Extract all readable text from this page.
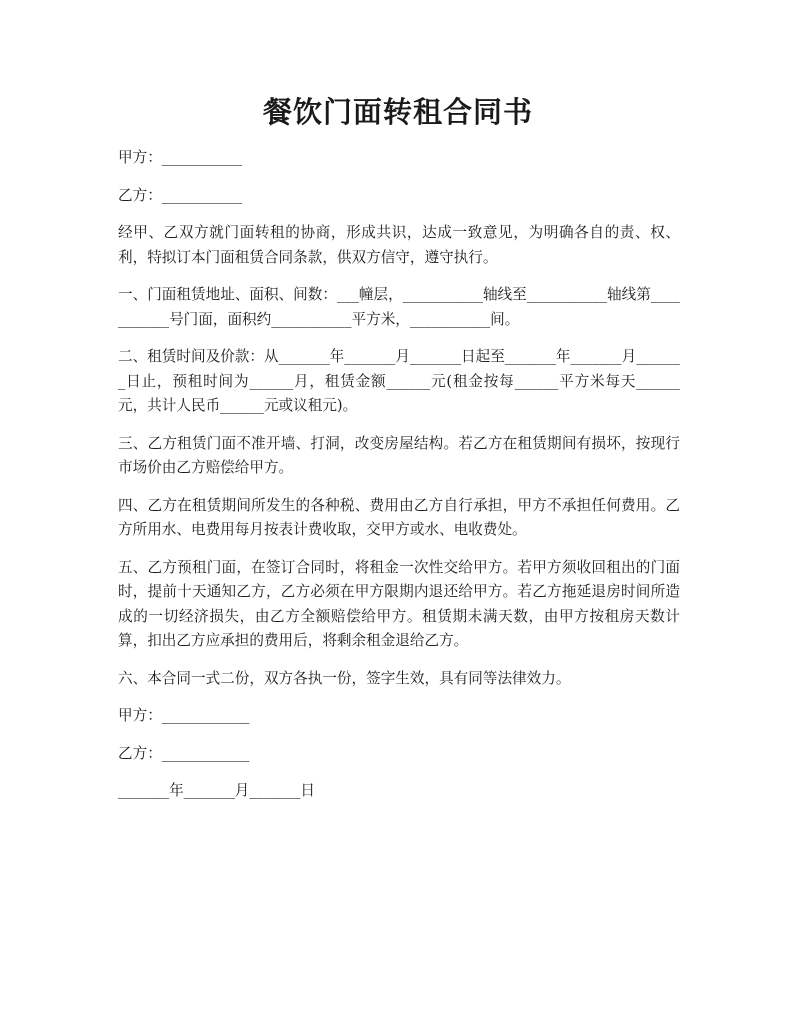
餐饮门面转租合同书

甲方：___________

乙方：___________

经甲、乙双方就门面转租的协商，形成共识，达成一致意见，为明确各自的责、权、利，特拟订本门面租赁合同条款，供双方信守，遵守执行。

一、门面租赁地址、面积、间数：___幢层，___________轴线至___________轴线第___________号门面，面积约___________平方米，___________间。

二、租赁时间及价款：从_______年_______月_______日起至_______年_______月_______日止，预租时间为______月，租赁金额______元(租金按每______平方米每天______元，共计人民币______元或议租元)。

三、乙方租赁门面不准开墙、打洞，改变房屋结构。若乙方在租赁期间有损坏，按现行市场价由乙方赔偿给甲方。

四、乙方在租赁期间所发生的各种税、费用由乙方自行承担，甲方不承担任何费用。乙方所用水、电费用每月按表计费收取，交甲方或水、电收费处。

五、乙方预租门面，在签订合同时，将租金一次性交给甲方。若甲方须收回租出的门面时，提前十天通知乙方，乙方必须在甲方限期内退还给甲方。若乙方拖延退房时间所造成的一切经济损失，由乙方全额赔偿给甲方。租赁期未满天数，由甲方按租房天数计算，扣出乙方应承担的费用后，将剩余租金退给乙方。

六、本合同一式二份，双方各执一份，签字生效，具有同等法律效力。

甲方：____________

乙方：____________

_______年_______月_______日
